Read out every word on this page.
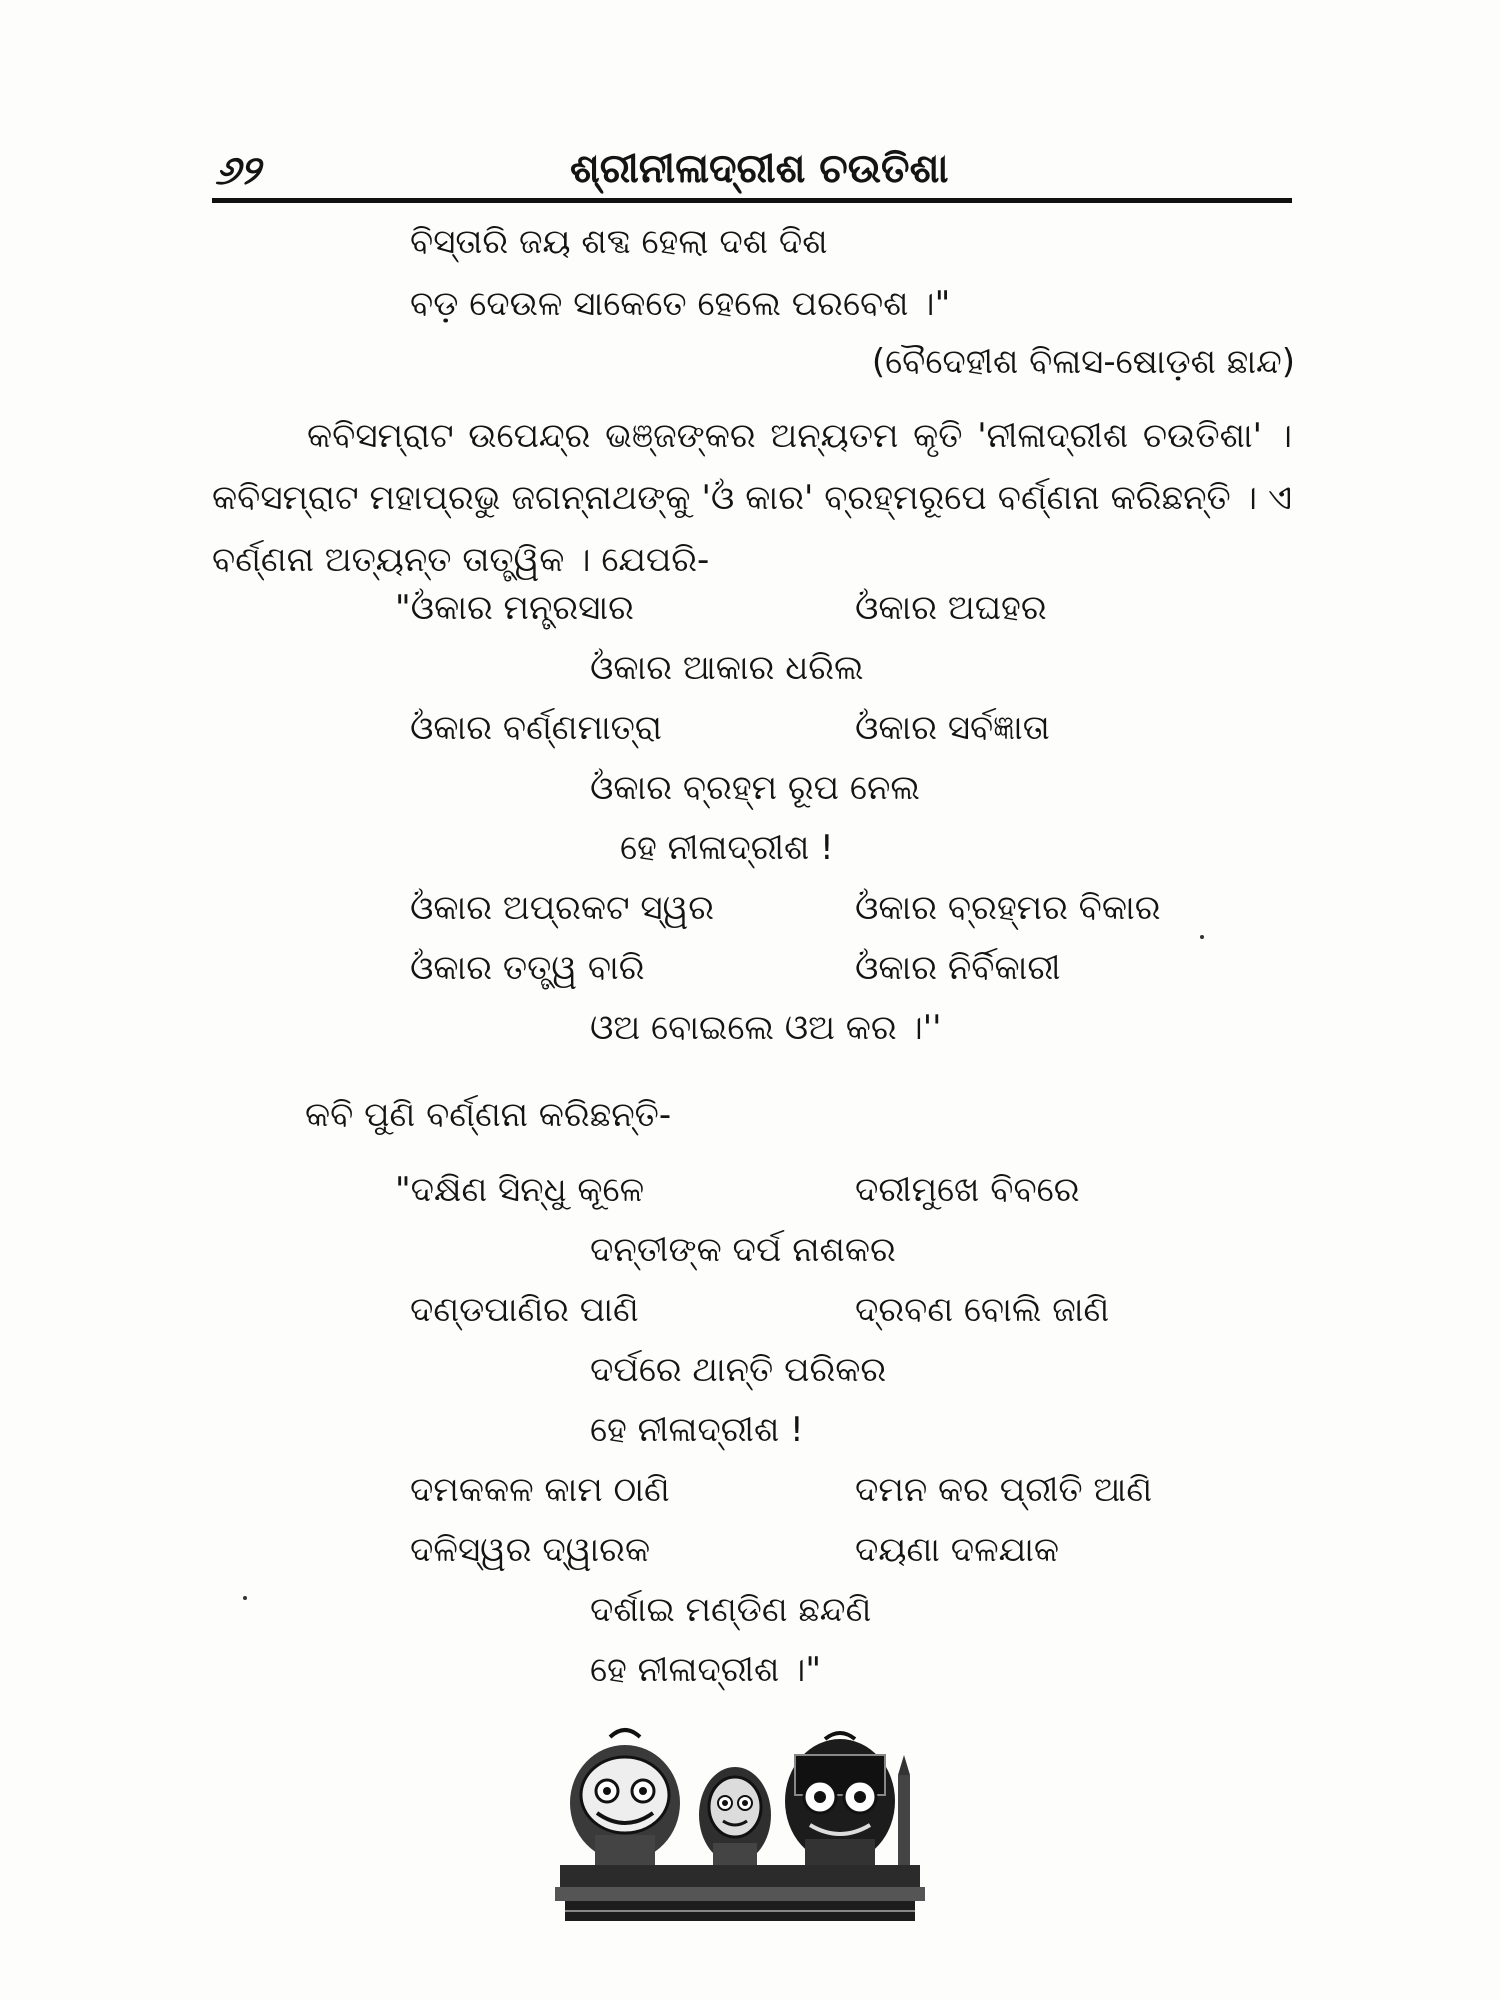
୬୨	ଶ୍ରୀନୀଳାଦ୍ରୀଶ ଚଉତିଶା
ବିସ୍ତାରି ଜୟ ଶବ୍ଦ ହେଲା ଦଶ ଦିଶ
ବଡ଼ ଦେଉଳ ସାକେତେ ହେଲେ ପରବେଶ ।"
(ବୈଦେହୀଶ ବିଳାସ-ଷୋଡ଼ଶ ଛାନ୍ଦ)

କବିସମ୍ରାଟ ଉପେନ୍ଦ୍ର ଭଞ୍ଜଙ୍କର ଅନ୍ୟତମ କୃତି 'ନୀଳାଦ୍ରୀଶ ଚଉତିଶା' । କବିସମ୍ରାଟ ମହାପ୍ରଭୁ ଜଗନ୍ନାଥଙ୍କୁ 'ଓଁ କାର' ବ୍ରହ୍ମରୂପେ ବର୍ଣ୍ଣନା କରିଛନ୍ତି । ଏ ବର୍ଣ୍ଣନା ଅତ୍ୟନ୍ତ ତାତ୍ତ୍ୱିକ । ଯେପରି-

"ଓଁକାର ମନ୍ତ୍ରସାର	ଓଁକାର ଅଘହର
ଓଁକାର ଆକାର ଧରିଲ
ଓଁକାର ବର୍ଣ୍ଣମାତ୍ରା	ଓଁକାର ସର୍ବଜ୍ଞାତା
ଓଁକାର ବ୍ରହ୍ମ ରୂପ ନେଲ
ହେ ନୀଳାଦ୍ରୀଶ !
ଓଁକାର ଅପ୍ରକଟ ସ୍ୱର	ଓଁକାର ବ୍ରହ୍ମର ବିକାର
ଓଁକାର ତତ୍ତ୍ୱ ବାରି	ଓଁକାର ନିର୍ବିକାରୀ
ଓଅ ବୋଇଲେ ଓଅ କର ।''
କବି ପୁଣି ବର୍ଣ୍ଣନା କରିଛନ୍ତି-
"ଦକ୍ଷିଣ ସିନ୍ଧୁ କୂଳେ	ଦରୀମୁଖେ ବିବରେ
ଦନ୍ତୀଙ୍କ ଦର୍ପ ନାଶକର
ଦଣ୍ଡପାଣିର ପାଣି	ଦ୍ରବଣ ବୋଲି ଜାଣି
ଦର୍ପରେ ଥାନ୍ତି ପରିକର
ହେ ନୀଳାଦ୍ରୀଶ !
ଦମକକଳ କାମ ଠାଣି	ଦମନ କର ପ୍ରୀତି ଆଣି
ଦଳିସ୍ୱର ଦ୍ୱାରକ	ଦୟଣା ଦଳଯାକ
ଦର୍ଶାଇ ମଣ୍ଡିଣ ଛନ୍ଦଣି
ହେ ନୀଳାଦ୍ରୀଶ ।"
